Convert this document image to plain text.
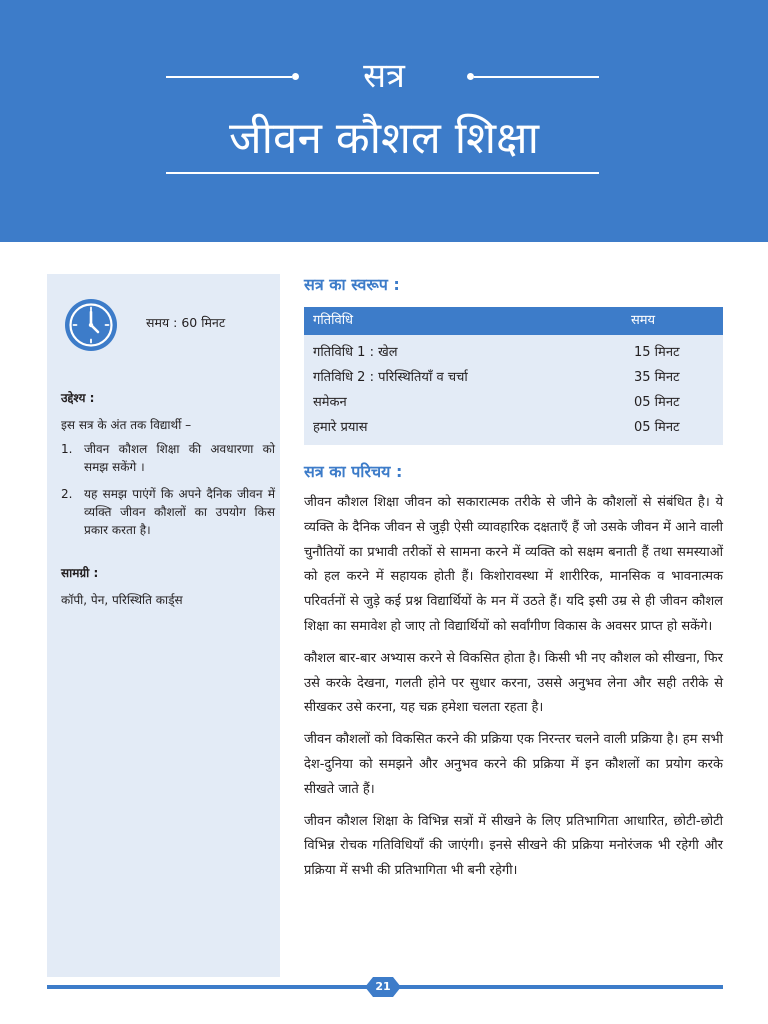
सत्र
जीवन कौशल शिक्षा
समय : 60 मिनट
उद्देश्य :
इस सत्र के अंत तक विद्यार्थी –
1. जीवन कौशल शिक्षा की अवधारणा को समझ सकेंगे ।
2. यह समझ पाएंगें कि अपने दैनिक जीवन में व्यक्ति जीवन कौशलों का उपयोग किस प्रकार करता है।
सामग्री :
कॉपी, पेन, परिस्थिति कार्ड्स
सत्र का स्वरूप :
गतिविधि	समय
गतिविधि 1 : खेल	15 मिनट
गतिविधि 2 : परिस्थितियाँ व चर्चा	35 मिनट
समेकन	05 मिनट
हमारे प्रयास	05 मिनट
सत्र का परिचय :

जीवन कौशल शिक्षा जीवन को सकारात्मक तरीके से जीने के कौशलों से संबंधित है। ये व्यक्ति के दैनिक जीवन से जुड़ी ऐसी व्यावहारिक दक्षताएँ हैं जो उसके जीवन में आने वाली चुनौतियों का प्रभावी तरीकों से सामना करने में व्यक्ति को सक्षम बनाती हैं तथा समस्याओं को हल करने में सहायक होती हैं। किशोरावस्था में शारीरिक, मानसिक व भावनात्मक परिवर्तनों से जुड़े कई प्रश्न विद्यार्थियों के मन में उठते हैं। यदि इसी उम्र से ही जीवन कौशल शिक्षा का समावेश हो जाए तो विद्यार्थियों को सर्वांगीण विकास के अवसर प्राप्त हो सकेंगे।

कौशल बार-बार अभ्यास करने से विकसित होता है। किसी भी नए कौशल को सीखना, फिर उसे करके देखना, गलती होने पर सुधार करना, उससे अनुभव लेना और सही तरीके से सीखकर उसे करना, यह चक्र हमेशा चलता रहता है।

जीवन कौशलों को विकसित करने की प्रक्रिया एक निरन्तर चलने वाली प्रक्रिया है। हम सभी देश-दुनिया को समझने और अनुभव करने की प्रक्रिया में इन कौशलों का प्रयोग करके सीखते जाते हैं।

जीवन कौशल शिक्षा के विभिन्न सत्रों में सीखने के लिए प्रतिभागिता आधारित, छोटी-छोटी विभिन्न रोचक गतिविधियाँ की जाएंगी। इनसे सीखने की प्रक्रिया मनोरंजक भी रहेगी और प्रक्रिया में सभी की प्रतिभागिता भी बनी रहेगी।

21
